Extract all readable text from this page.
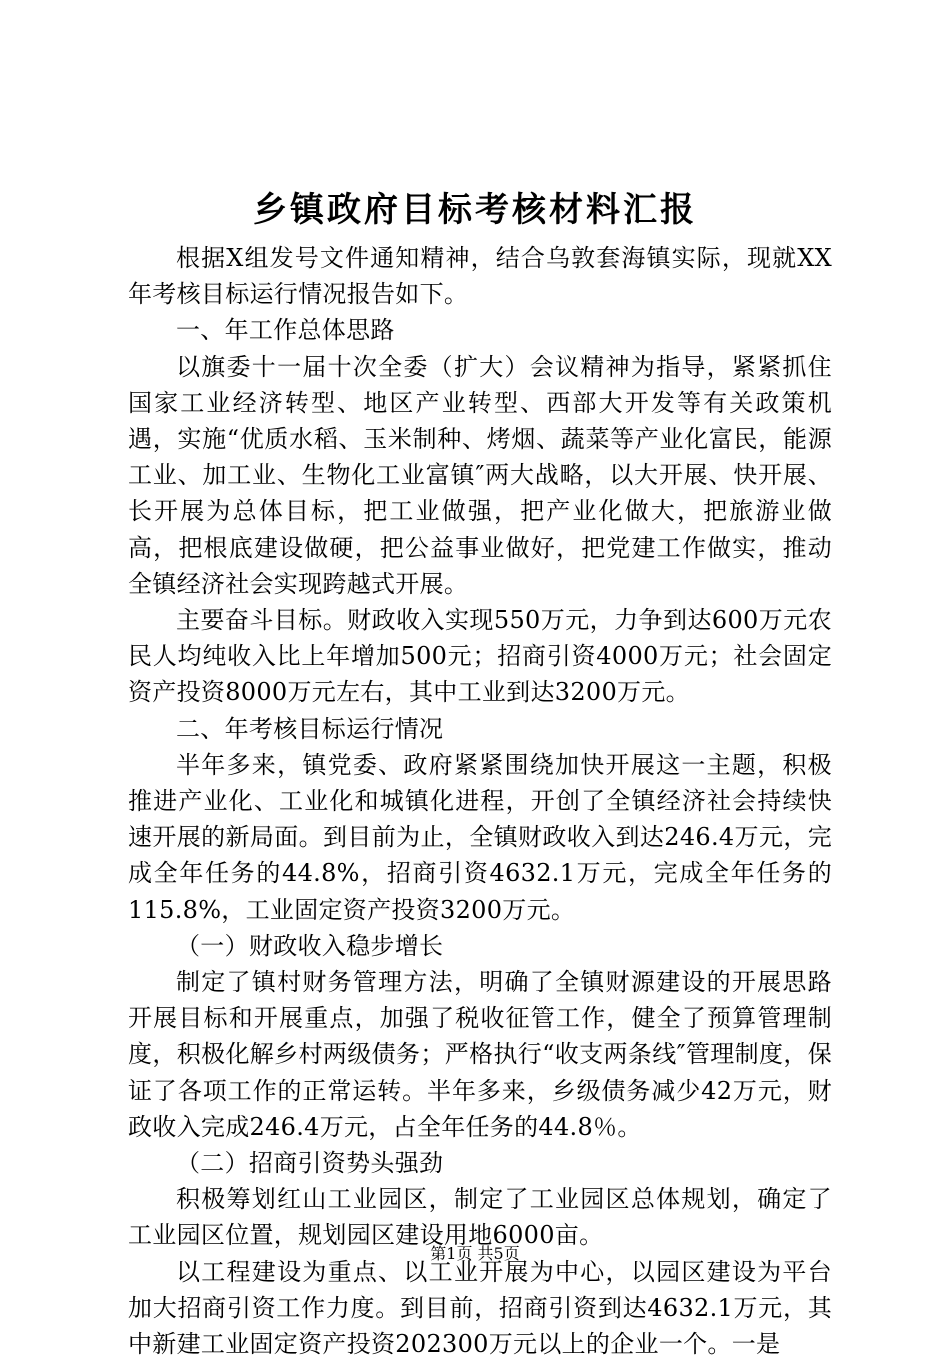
乡镇政府目标考核材料汇报

根据X组发号文件通知精神，结合乌敦套海镇实际，现就XX年考核目标运行情况报告如下。

一、年工作总体思路

以旗委十一届十次全委（扩大）会议精神为指导，紧紧抓住国家工业经济转型、地区产业转型、西部大开发等有关政策机遇，实施“优质水稻、玉米制种、烤烟、蔬菜等产业化富民，能源工业、加工业、生物化工业富镇″两大战略，以大开展、快开展、长开展为总体目标，把工业做强，把产业化做大，把旅游业做高，把根底建设做硬，把公益事业做好，把党建工作做实，推动全镇经济社会实现跨越式开展。

主要奋斗目标。财政收入实现550万元，力争到达600万元农民人均纯收入比上年增加500元；招商引资4000万元；社会固定资产投资8000万元左右，其中工业到达3200万元。

二、年考核目标运行情况

半年多来，镇党委、政府紧紧围绕加快开展这一主题，积极推进产业化、工业化和城镇化进程，开创了全镇经济社会持续快速开展的新局面。到目前为止，全镇财政收入到达246.4万元，完成全年任务的44.8%，招商引资4632.1万元，完成全年任务的115.8%，工业固定资产投资3200万元。

（一）财政收入稳步增长

制定了镇村财务管理方法，明确了全镇财源建设的开展思路开展目标和开展重点，加强了税收征管工作，健全了预算管理制度，积极化解乡村两级债务；严格执行“收支两条线″管理制度，保证了各项工作的正常运转。半年多来，乡级债务减少42万元，财政收入完成246.4万元，占全年任务的44.8％。

（二）招商引资势头强劲

积极筹划红山工业园区，制定了工业园区总体规划，确定了工业园区位置，规划园区建设用地6000亩。

以工程建设为重点、以工业开展为中心，以园区建设为平台加大招商引资工作力度。到目前，招商引资到达4632.1万元，其中新建工业固定资产投资202300万元以上的企业一个。一是

第1页 共5页
